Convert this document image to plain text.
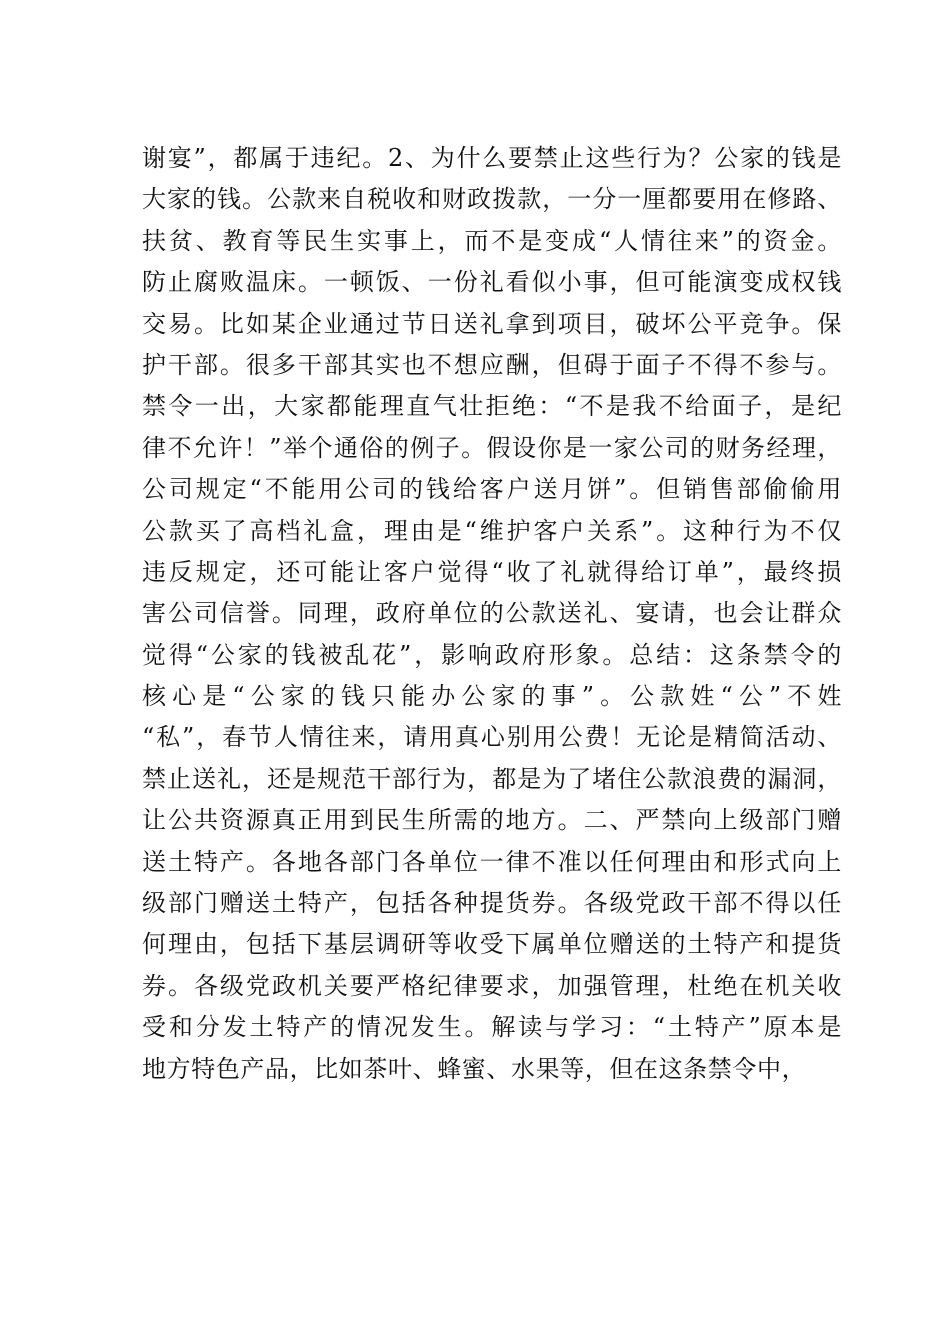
谢宴”，都属于违纪。2、为什么要禁止这些行为？公家的钱是
大家的钱。公款来自税收和财政拨款，一分一厘都要用在修路、
扶贫、教育等民生实事上，而不是变成“人情往来”的资金。
防止腐败温床。一顿饭、一份礼看似小事，但可能演变成权钱
交易。比如某企业通过节日送礼拿到项目，破坏公平竞争。保
护干部。很多干部其实也不想应酬，但碍于面子不得不参与。
禁令一出，大家都能理直气壮拒绝：“不是我不给面子，是纪
律不允许！”举个通俗的例子。假设你是一家公司的财务经理，
公司规定“不能用公司的钱给客户送月饼”。但销售部偷偷用
公款买了高档礼盒，理由是“维护客户关系”。这种行为不仅
违反规定，还可能让客户觉得“收了礼就得给订单”，最终损
害公司信誉。同理，政府单位的公款送礼、宴请，也会让群众
觉得“公家的钱被乱花”，影响政府形象。总结：这条禁令的
核心是“公家的钱只能办公家的事”。公款姓“公”不姓
“私”，春节人情往来，请用真心别用公费！无论是精简活动、
禁止送礼，还是规范干部行为，都是为了堵住公款浪费的漏洞，
让公共资源真正用到民生所需的地方。二、严禁向上级部门赠
送土特产。各地各部门各单位一律不准以任何理由和形式向上
级部门赠送土特产，包括各种提货券。各级党政干部不得以任
何理由，包括下基层调研等收受下属单位赠送的土特产和提货
券。各级党政机关要严格纪律要求，加强管理，杜绝在机关收
受和分发土特产的情况发生。解读与学习：“土特产”原本是
地方特色产品，比如茶叶、蜂蜜、水果等，但在这条禁令中，
